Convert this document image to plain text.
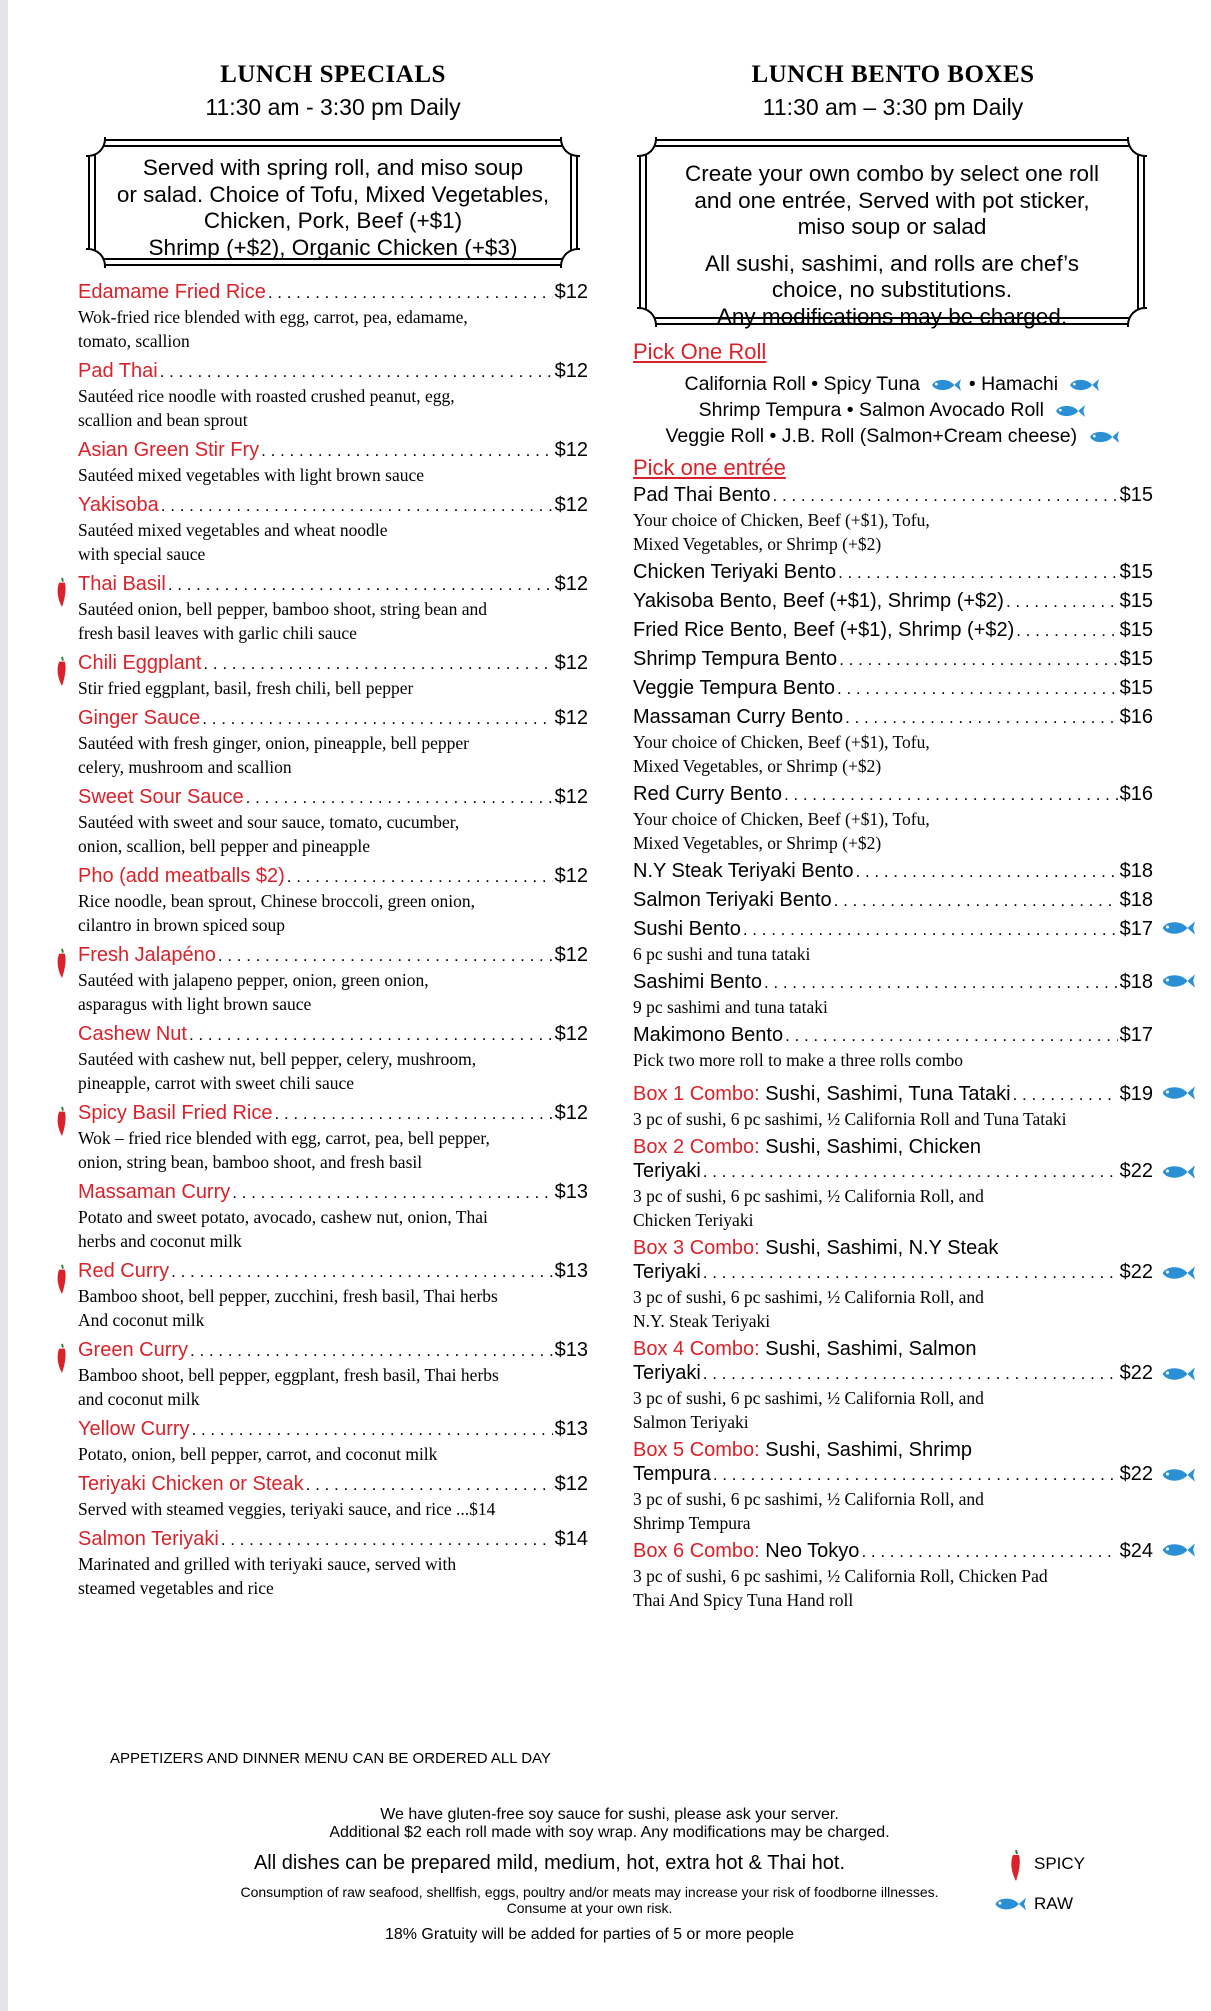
LUNCH SPECIALS
11:30 am - 3:30 pm Daily
Served with spring roll, and miso soup
or salad. Choice of Tofu, Mixed Vegetables,
Chicken, Pork, Beef (+$1)
Shrimp (+$2), Organic Chicken (+$3)
Edamame Fried Rice . . .	$12
Wok-fried rice blended with egg, carrot, pea, edamame,
tomato, scallion
Pad Thai . . .	$12
Sautéed rice noodle with roasted crushed peanut, egg,
scallion and bean sprout
Asian Green Stir Fry . . .	$12
Sautéed mixed vegetables with light brown sauce
Yakisoba . . .	$12
Sautéed mixed vegetables and wheat noodle
with special sauce
Thai Basil . . .	$12
Sautéed onion, bell pepper, bamboo shoot, string bean and
fresh basil leaves with garlic chili sauce
Chili Eggplant . . .	$12
Stir fried eggplant, basil, fresh chili, bell pepper
Ginger Sauce . . .	$12
Sautéed with fresh ginger, onion, pineapple, bell pepper
celery, mushroom and scallion
Sweet Sour Sauce . . .	$12
Sautéed with sweet and sour sauce, tomato, cucumber,
onion, scallion, bell pepper and pineapple
Pho (add meatballs $2) . . .	$12
Rice noodle, bean sprout, Chinese broccoli, green onion,
cilantro in brown spiced soup
Fresh Jalapéno . . .	$12
Sautéed with jalapeno pepper, onion, green onion,
asparagus with light brown sauce
Cashew Nut . . .	$12
Sautéed with cashew nut, bell pepper, celery, mushroom,
pineapple, carrot with sweet chili sauce
Spicy Basil Fried Rice . . .	$12
Wok – fried rice blended with egg, carrot, pea, bell pepper,
onion, string bean, bamboo shoot, and fresh basil
Massaman Curry . . .	$13
Potato and sweet potato, avocado, cashew nut, onion, Thai
herbs and coconut milk
Red Curry . . .	$13
Bamboo shoot, bell pepper, zucchini, fresh basil, Thai herbs
And coconut milk
Green Curry . . .	$13
Bamboo shoot, bell pepper, eggplant, fresh basil, Thai herbs
and coconut milk
Yellow Curry . . .	$13
Potato, onion, bell pepper, carrot, and coconut milk
Teriyaki Chicken or Steak . . .	$12
Served with steamed veggies, teriyaki sauce, and rice ...$14
Salmon Teriyaki . . .	$14
Marinated and grilled with teriyaki sauce, served with
steamed vegetables and rice
LUNCH BENTO BOXES
11:30 am – 3:30 pm Daily
Create your own combo by select one roll
and one entrée, Served with pot sticker,
miso soup or salad
All sushi, sashimi, and rolls are chef’s
choice, no substitutions.
Any modifications may be charged.
Pick One Roll
California Roll • Spicy Tuna	• Hamachi
Shrimp Tempura • Salmon Avocado Roll
Veggie Roll • J.B. Roll (Salmon+Cream cheese)
Pick one entrée
Pad Thai Bento . . .	$15
Your choice of Chicken, Beef (+$1), Tofu,
Mixed Vegetables, or Shrimp (+$2)
Chicken Teriyaki Bento . . .	$15
Yakisoba Bento, Beef (+$1), Shrimp (+$2) . . .	$15
Fried Rice Bento, Beef (+$1), Shrimp (+$2) . . .	$15
Shrimp Tempura Bento . . .	$15
Veggie Tempura Bento . . .	$15
Massaman Curry Bento . . .	$16
Your choice of Chicken, Beef (+$1), Tofu,
Mixed Vegetables, or Shrimp (+$2)
Red Curry Bento . . .	$16
Your choice of Chicken, Beef (+$1), Tofu,
Mixed Vegetables, or Shrimp (+$2)
N.Y Steak Teriyaki Bento . . .	$18
Salmon Teriyaki Bento . . .	$18
Sushi Bento . . .	$17
6 pc sushi and tuna tataki
Sashimi Bento . . .	$18
9 pc sashimi and tuna tataki
Makimono Bento . . .	$17
Pick two more roll to make a three rolls combo
Box 1 Combo:
Sushi, Sashimi, Tuna Tataki . . .	$19
3 pc of sushi, 6 pc sashimi, ½ California Roll and Tuna Tataki
Box 2 Combo: Sushi, Sashimi, Chicken
Teriyaki . . .	$22
3 pc of sushi, 6 pc sashimi, ½ California Roll, and
Chicken Teriyaki
Box 3 Combo: Sushi, Sashimi, N.Y Steak
Teriyaki . . .	$22
3 pc of sushi, 6 pc sashimi, ½ California Roll, and
N.Y. Steak Teriyaki
Box 4 Combo: Sushi, Sashimi, Salmon
Teriyaki . . .	$22
3 pc of sushi, 6 pc sashimi, ½ California Roll, and
Salmon Teriyaki
Box 5 Combo: Sushi, Sashimi, Shrimp
Tempura . . .	$22
3 pc of sushi, 6 pc sashimi, ½ California Roll, and
Shrimp Tempura
Box 6 Combo:
Neo Tokyo . . .	$24
3 pc of sushi, 6 pc sashimi, ½ California Roll, Chicken Pad
Thai And Spicy Tuna Hand roll
APPETIZERS AND DINNER MENU CAN BE ORDERED ALL DAY
We have gluten-free soy sauce for sushi, please ask your server.
Additional $2 each roll made with soy wrap. Any modifications may be charged.
All dishes can be prepared mild, medium, hot, extra hot & Thai hot.
Consumption of raw seafood, shellfish, eggs, poultry and/or meats may increase your risk of foodborne illnesses.
Consume at your own risk.
18% Gratuity will be added for parties of 5 or more people
SPICY
RAW
